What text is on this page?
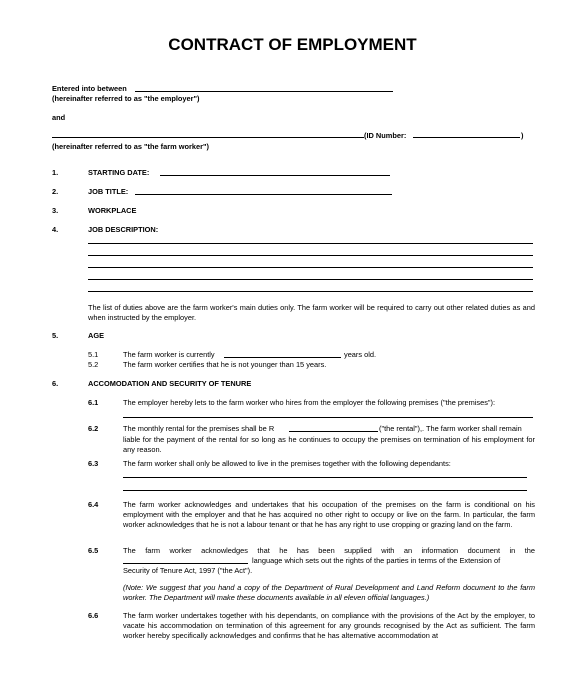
CONTRACT OF EMPLOYMENT
Entered into between
(hereinafter referred to as "the employer")
and
(ID Number:	)
(hereinafter referred to as "the farm worker")
1.	STARTING DATE:
2.	JOB TITLE:
3.	WORKPLACE
4.	JOB DESCRIPTION:
The list of duties above are the farm worker's main duties only. The farm worker will be required to carry out other related duties as and when instructed by the employer.
5.	AGE
5.1	The farm worker is currently	years old.
5.2	The farm worker certifies that he is not younger than 15 years.
6.	ACCOMODATION AND SECURITY OF TENURE
6.1	The employer hereby lets to the farm worker who hires from the employer the following premises ("the premises"):
6.2	The monthly rental for the premises shall be R	("the rental"),. The farm worker shall remain
liable for the payment of the rental for so long as he continues to occupy the premises on termination of his employment for any reason.
6.3	The farm worker shall only be allowed to live in the premises together with the following dependants:
6.4	The farm worker acknowledges and undertakes that his occupation of the premises on the farm is conditional on his employment with the employer and that he has acquired no other right to occupy or live on the farm. In particular, the farm worker acknowledges that he is not a labour tenant or that he has any right to use cropping or grazing land on the farm.
6.5	The farm worker acknowledges that he has been supplied with an information document in the
language which sets out the rights of the parties in terms of the Extension of
Security of Tenure Act, 1997 ("the Act").
(Note: We suggest that you hand a copy of the Department of Rural Development and Land Reform document to the farm worker. The Department will make these documents available in all eleven official languages.)
6.6	The farm worker undertakes together with his dependants, on compliance with the provisions of the Act by the employer, to vacate his accommodation on termination of this agreement for any grounds recognised by the Act as sufficient. The farm worker hereby specifically acknowledges and confirms that he has alternative accommodation at
